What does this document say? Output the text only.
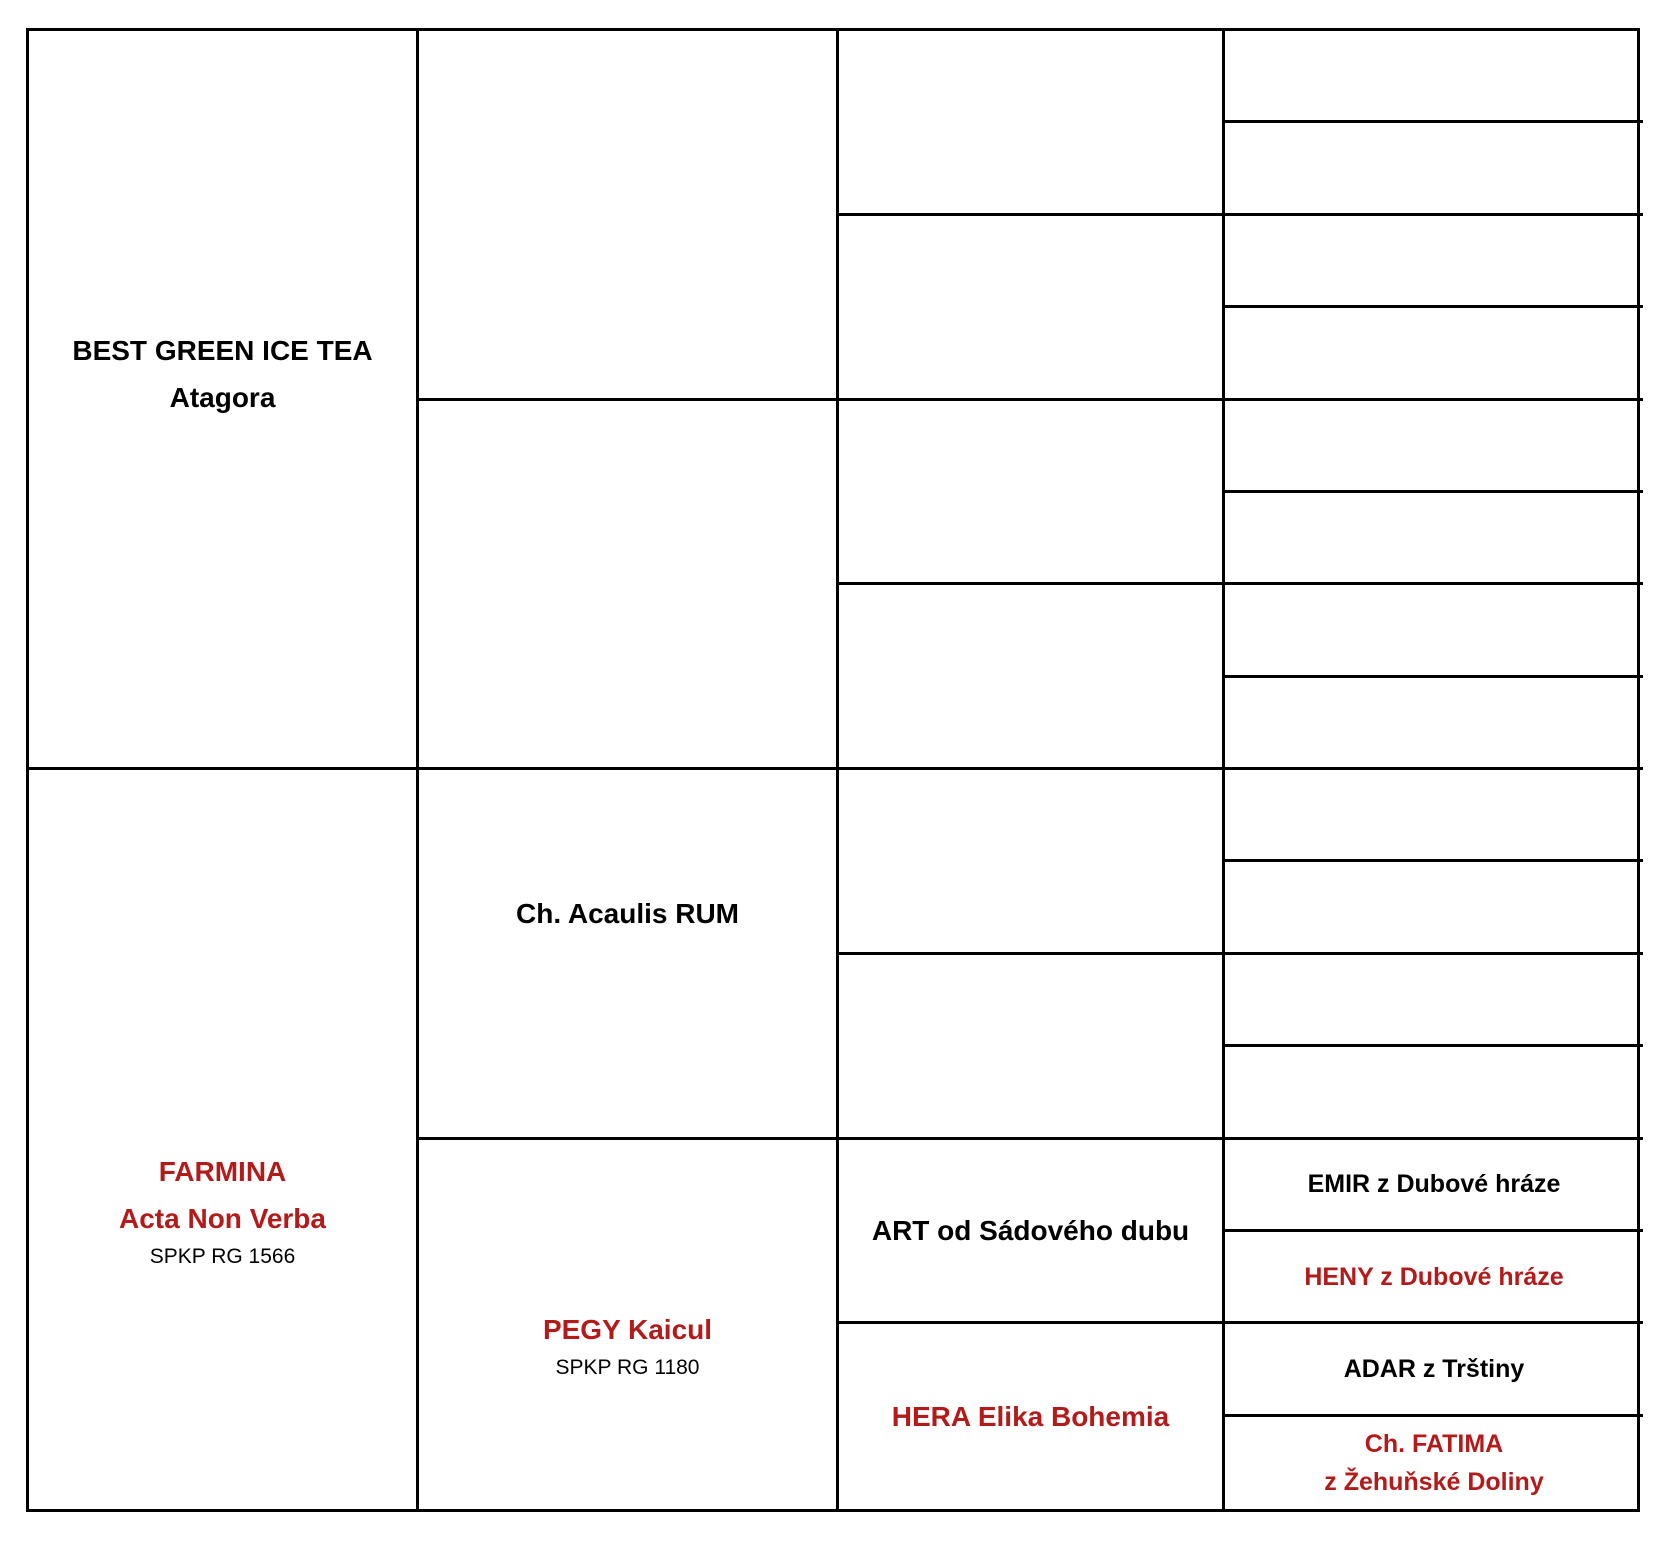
BEST GREEN ICE TEA
Atagora
FARMINA
Acta Non Verba
SPKP RG 1566
Ch. Acaulis RUM
PEGY Kaicul
SPKP RG 1180
ART od Sádového dubu
HERA Elika Bohemia
EMIR z Dubové hráze
HENY z Dubové hráze
ADAR z Trštiny
Ch. FATIMA
z Žehuňské Doliny
